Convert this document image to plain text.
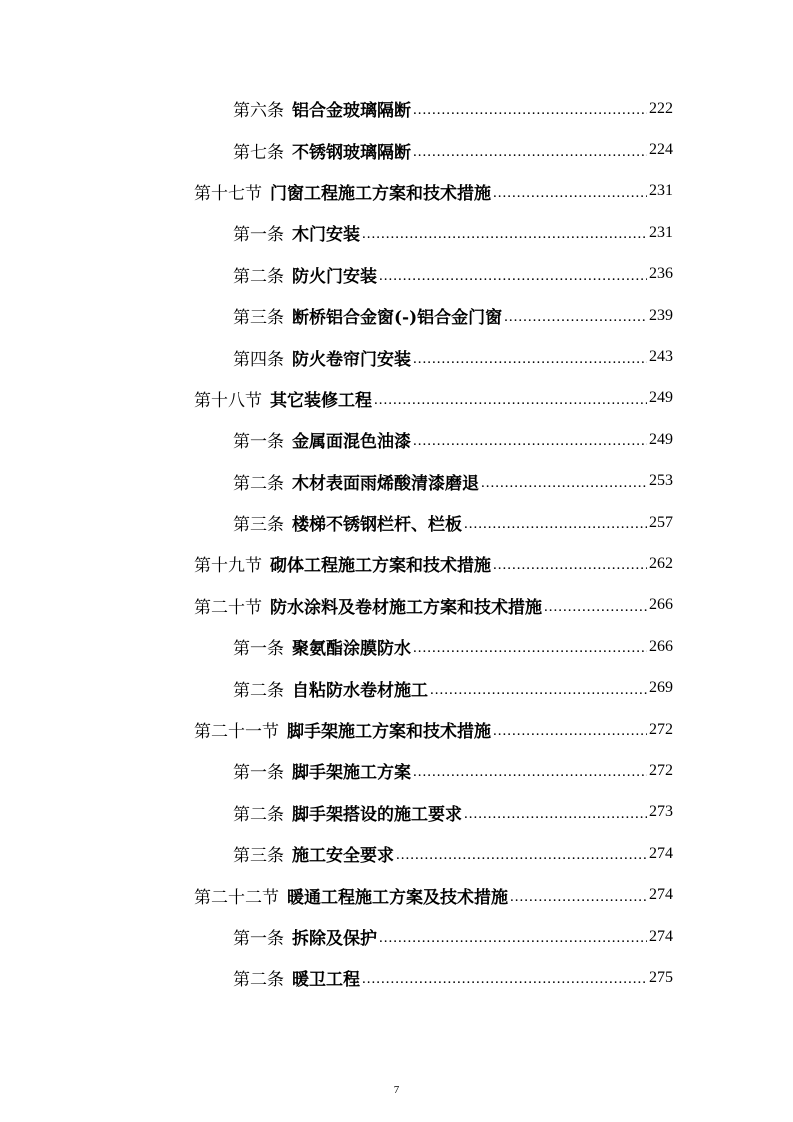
第六条 铝合金玻璃隔断 .....	222
第七条 不锈钢玻璃隔断 .....	224
第十七节 门窗工程施工方案和技术措施 .....	231
第一条 木门安装 .....	231
第二条 防火门安装 .....	236
第三条 断桥铝合金窗(-)铝合金门窗 .....	239
第四条 防火卷帘门安装 .....	243
第十八节 其它装修工程 .....	249
第一条 金属面混色油漆 .....	249
第二条 木材表面雨烯酸清漆磨退 .....	253
第三条 楼梯不锈钢栏杆、栏板 .....	257
第十九节 砌体工程施工方案和技术措施 .....	262
第二十节 防水涂料及卷材施工方案和技术措施 .....	266
第一条 聚氨酯涂膜防水 .....	266
第二条 自粘防水卷材施工 .....	269
第二十一节 脚手架施工方案和技术措施 .....	272
第一条 脚手架施工方案 .....	272
第二条 脚手架搭设的施工要求 .....	273
第三条 施工安全要求 .....	274
第二十二节 暖通工程施工方案及技术措施 .....	274
第一条 拆除及保护 .....	274
第二条 暖卫工程 .....	275
7
